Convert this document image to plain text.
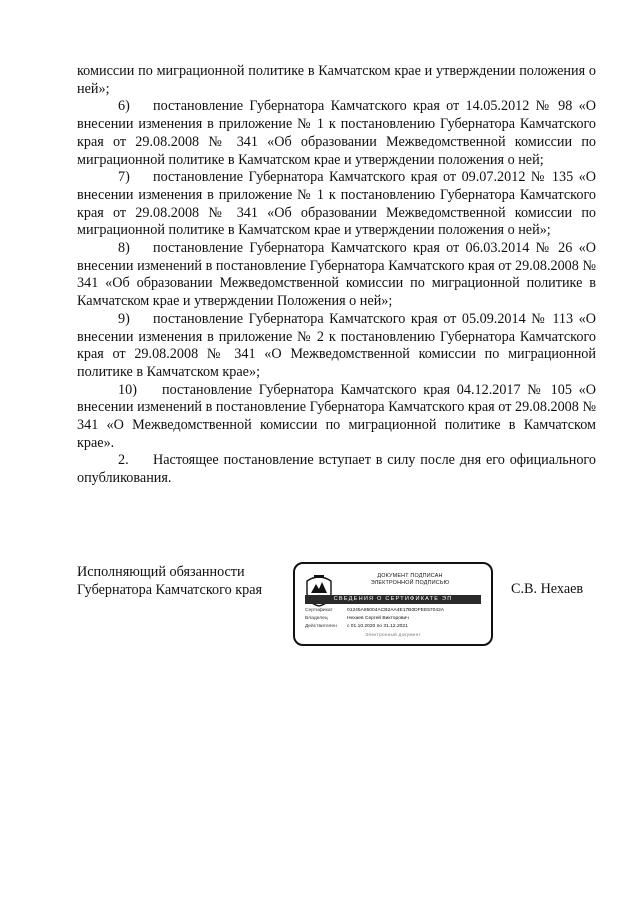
комиссии по миграционной политике в Камчатском крае и утверждении положения о ней»;

6) постановление Губернатора Камчатского края от 14.05.2012 № 98 «О внесении изменения в приложение № 1 к постановлению Губернатора Камчатского края от 29.08.2008 № 341 «Об образовании Межведомственной комиссии по миграционной политике в Камчатском крае и утверждении положения о ней;

7) постановление Губернатора Камчатского края от 09.07.2012 № 135 «О внесении изменения в приложение № 1 к постановлению Губернатора Камчатского края от 29.08.2008 № 341 «Об образовании Межведомственной комиссии по миграционной политике в Камчатском крае и утверждении положения о ней»;

8) постановление Губернатора Камчатского края от 06.03.2014 № 26 «О внесении изменений в постановление Губернатора Камчатского края от 29.08.2008 № 341 «Об образовании Межведомственной комиссии по миграционной политике в Камчатском крае и утверждении Положения о ней»;

9) постановление Губернатора Камчатского края от 05.09.2014 № 113 «О внесении изменения в приложение № 2 к постановлению Губернатора Камчатского края от 29.08.2008 № 341 «О Межведомственной комиссии по миграционной политике в Камчатском крае»;

10) постановление Губернатора Камчатского края 04.12.2017 № 105 «О внесении изменений в постановление Губернатора Камчатского края от 29.08.2008 № 341 «О Межведомственной комиссии по миграционной политике в Камчатском крае».

2. Настоящее постановление вступает в силу после дня его официального опубликования.

Исполняющий обязанности
Губернатора Камчатского края
ДОКУМЕНТ ПОДПИСАН
ЭЛЕКТРОННОЙ ПОДПИСЬЮ
СВЕДЕНИЯ О СЕРТИФИКАТЕ ЭП
Сертификат	01245A85004ACB2AA4E17B0DFEE57042A
Владелец	Нехаев Сергей Викторович
Действителен	с 01.10.2020 по 31.12.2021
Электронный документ
С.В. Нехаев
